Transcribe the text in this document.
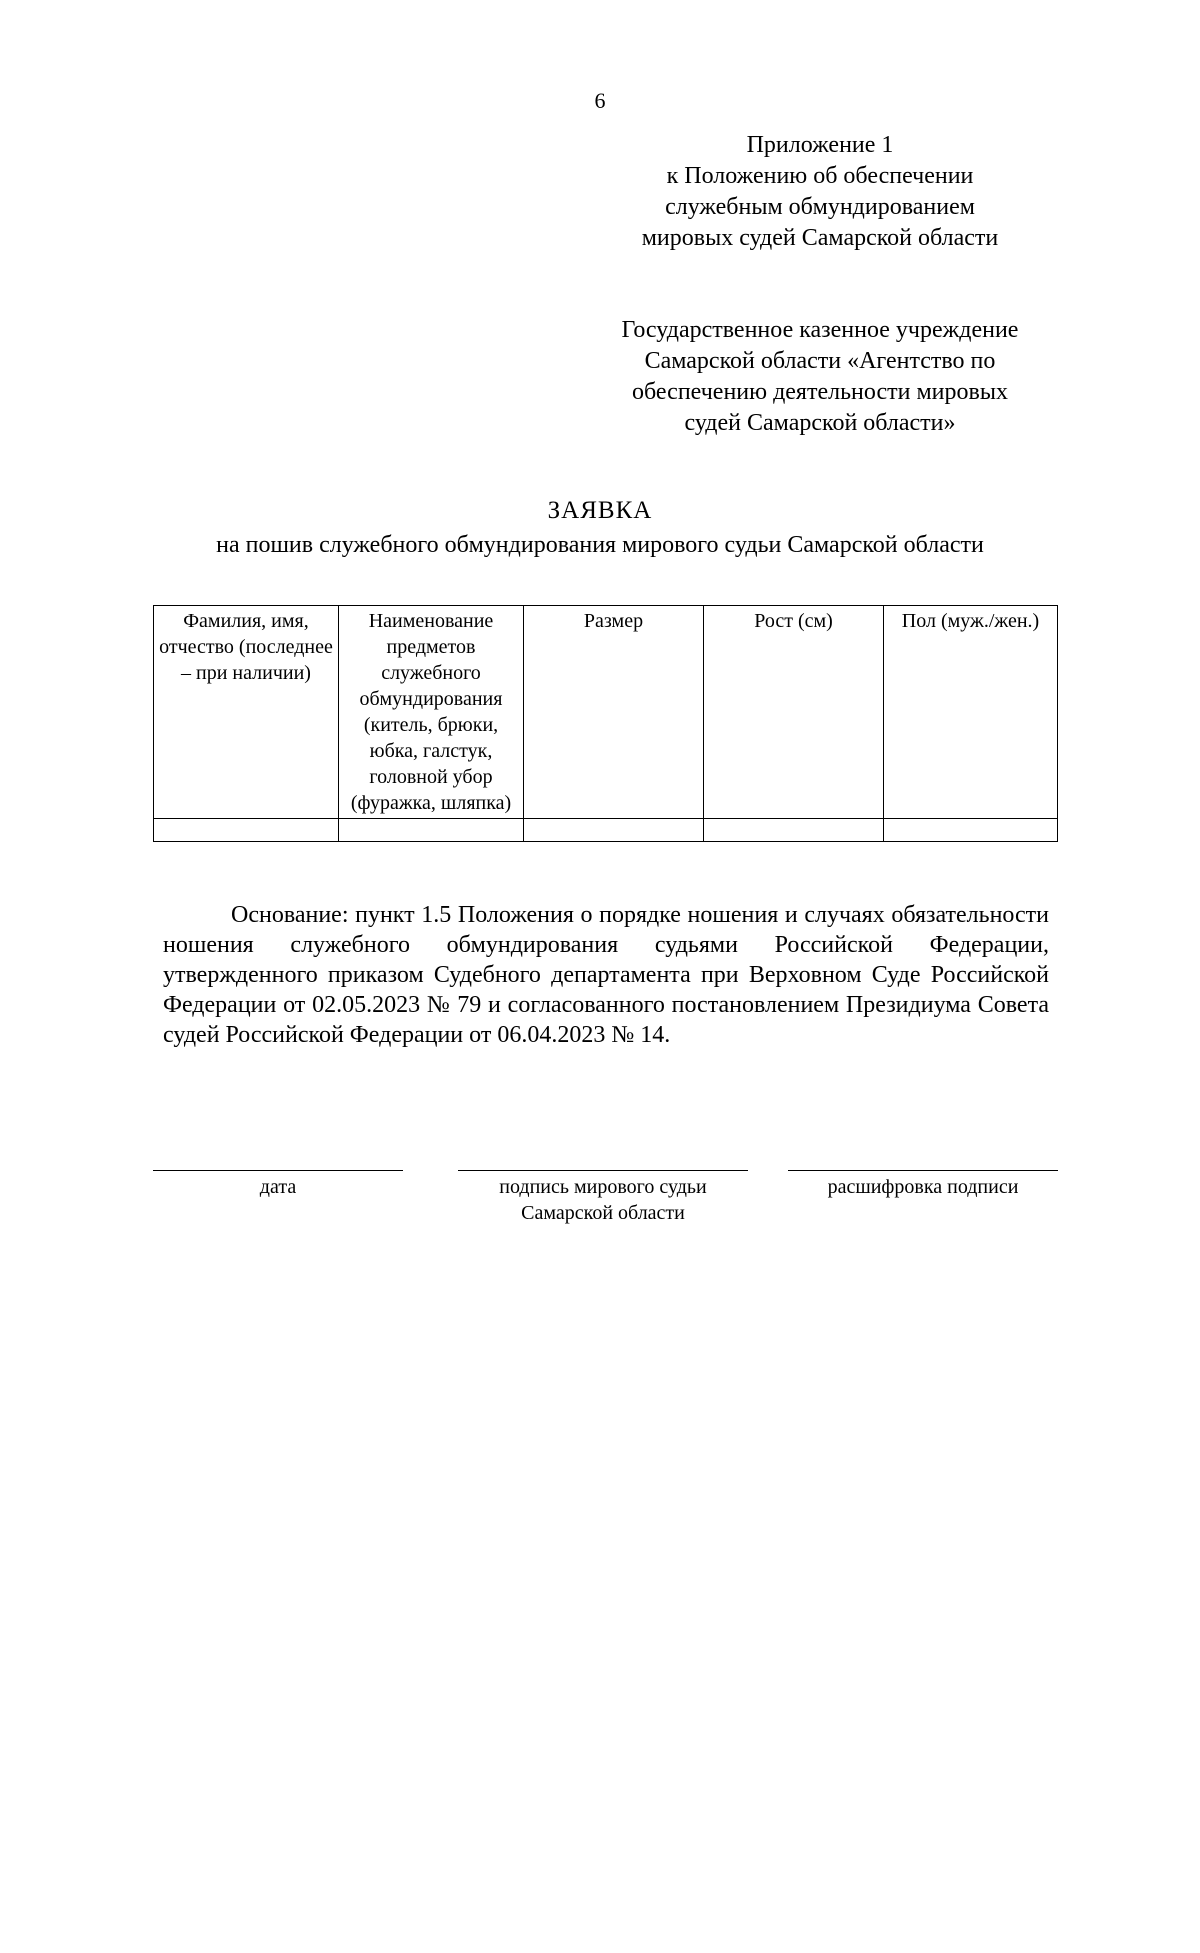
6
Приложение 1
к Положению об обеспечении
служебным обмундированием
мировых судей Самарской области
Государственное казенное учреждение
Самарской области «Агентство по
обеспечению деятельности мировых
судей Самарской области»
ЗАЯВКА
на пошив служебного обмундирования мирового судьи Самарской области
Фамилия, имя, отчество (последнее – при наличии)	Наименование предметов служебного обмундирования (китель, брюки, юбка, галстук, головной убор (фуражка, шляпка)	Размер	Рост (см)	Пол (муж./жен.)

Основание: пункт 1.5 Положения о порядке ношения и случаях обязательности ношения служебного обмундирования судьями Российской Федерации, утвержденного приказом Судебного департамента при Верховном Суде Российской Федерации от 02.05.2023 № 79 и согласованного постановлением Президиума Совета судей Российской Федерации от 06.04.2023 № 14.
дата	подпись мирового судьи
Самарской области
расшифровка подписи
